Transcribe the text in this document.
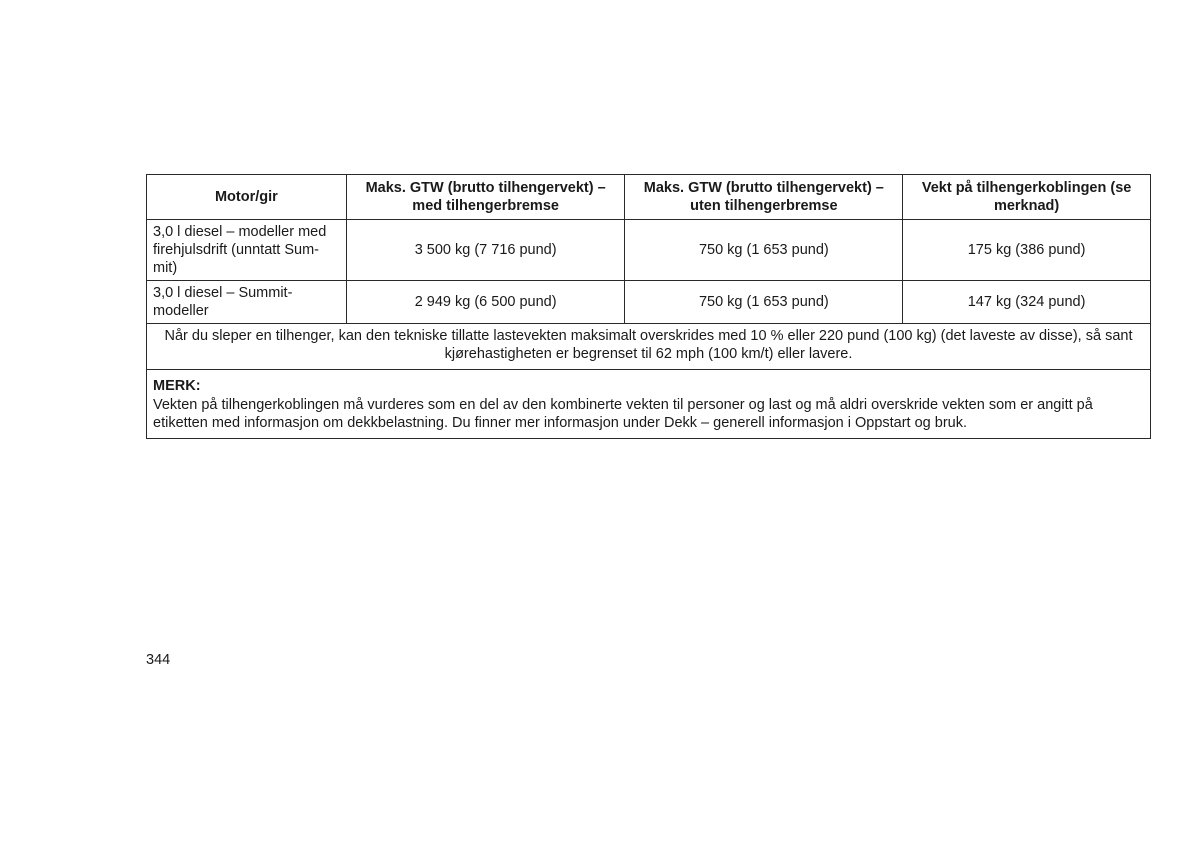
Motor/gir	Maks. GTW (brutto tilhengervekt) – med tilhengerbremse	Maks. GTW (brutto tilhengervekt) – uten tilhengerbremse	Vekt på tilhengerkoblingen (se merknad)
3,0 l diesel – modeller med firehjulsdrift (unntatt Sum-mit)	3 500 kg (7 716 pund)	750 kg (1 653 pund)	175 kg (386 pund)
3,0 l diesel – Summit-modeller	2 949 kg (6 500 pund)	750 kg (1 653 pund)	147 kg (324 pund)
Når du sleper en tilhenger, kan den tekniske tillatte lastevekten maksimalt overskrides med 10 % eller 220 pund (100 kg) (det laveste av disse), så sant kjørehastigheten er begrenset til 62 mph (100 km/t) eller lavere.			

MERK:
Vekten på tilhengerkoblingen må vurderes som en del av den kombinerte vekten til personer og last og må aldri overskride vekten som er angitt på etiketten med informasjon om dekkbelastning. Du finner mer informasjon under Dekk – generell informasjon i Oppstart og bruk.			
344
